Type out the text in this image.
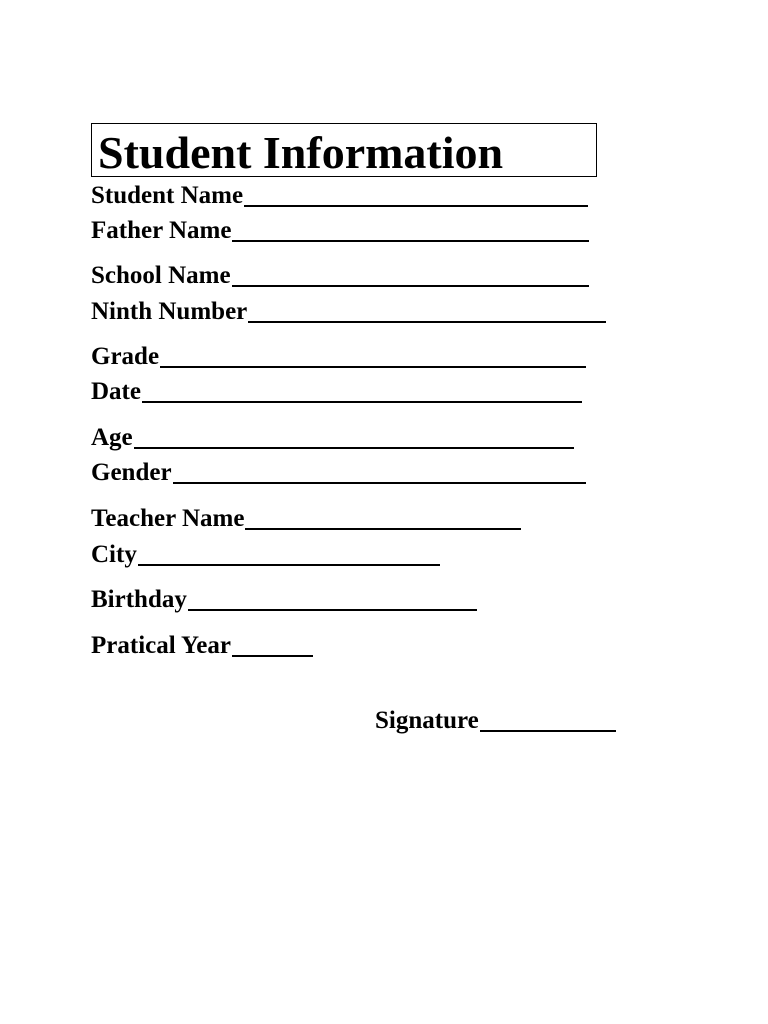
Student Information
Student Name
Father Name
School Name
Ninth Number
Grade
Date
Age
Gender
Teacher Name
City
Birthday
Pratical Year
Signature
